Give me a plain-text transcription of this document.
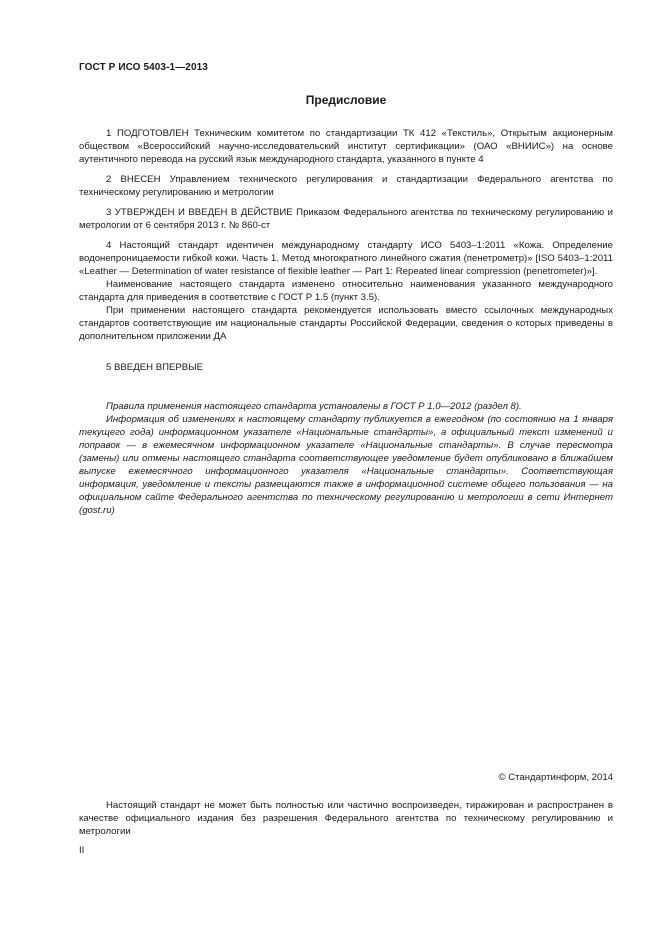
ГОСТ Р ИСО 5403-1—2013
Предисловие

1 ПОДГОТОВЛЕН Техническим комитетом по стандартизации ТК 412 «Текстиль», Открытым акционерным обществом «Всероссийский научно-исследовательский институт сертификации» (ОАО «ВНИИС») на основе аутентичного перевода на русский язык международного стандарта, указанного в пункте 4

2 ВНЕСЕН Управлением технического регулирования и стандартизации Федерального агентства по техническому регулированию и метрологии

3 УТВЕРЖДЕН И ВВЕДЕН В ДЕЙСТВИЕ Приказом Федерального агентства по техническому регулированию и метрологии от 6 сентября 2013 г. № 860-ст

4 Настоящий стандарт идентичен международному стандарту ИСО 5403–1:2011 «Кожа. Определение водонепроницаемости гибкой кожи. Часть 1. Метод многократного линейного сжатия (пенетрометр)» [ISO 5403–1:2011 «Leather — Determination of water resistance of flexible leather — Part 1: Repeated linear compression (penetrometer)»].

Наименование настоящего стандарта изменено относительно наименования указанного международного стандарта для приведения в соответствие с ГОСТ Р 1.5 (пункт 3.5).

При применении настоящего стандарта рекомендуется использовать вместо ссылочных международных стандартов соответствующие им национальные стандарты Российской Федерации, сведения о которых приведены в дополнительном приложении ДА

5 ВВЕДЕН ВПЕРВЫЕ

Правила применения настоящего стандарта установлены в ГОСТ Р 1.0—2012 (раздел 8).

Информация об изменениях к настоящему стандарту публикуется в ежегодном (по состоянию на 1 января текущего года) информационном указателе «Национальные стандарты», а официальный текст изменений и поправок — в ежемесячном информационном указателе «Национальные стандарты». В случае пересмотра (замены) или отмены настоящего стандарта соответствующее уведомление будет опубликовано в ближайшем выпуске ежемесячного информационного указателя «Национальные стандарты». Соответствующая информация, уведомление и тексты размещаются также в информационной системе общего пользования — на официальном сайте Федерального агентства по техническому регулированию и метрологии в сети Интернет (gost.ru)

© Стандартинформ, 2014

Настоящий стандарт не может быть полностью или частично воспроизведен, тиражирован и распространен в качестве официального издания без разрешения Федерального агентства по техническому регулированию и метрологии

II
